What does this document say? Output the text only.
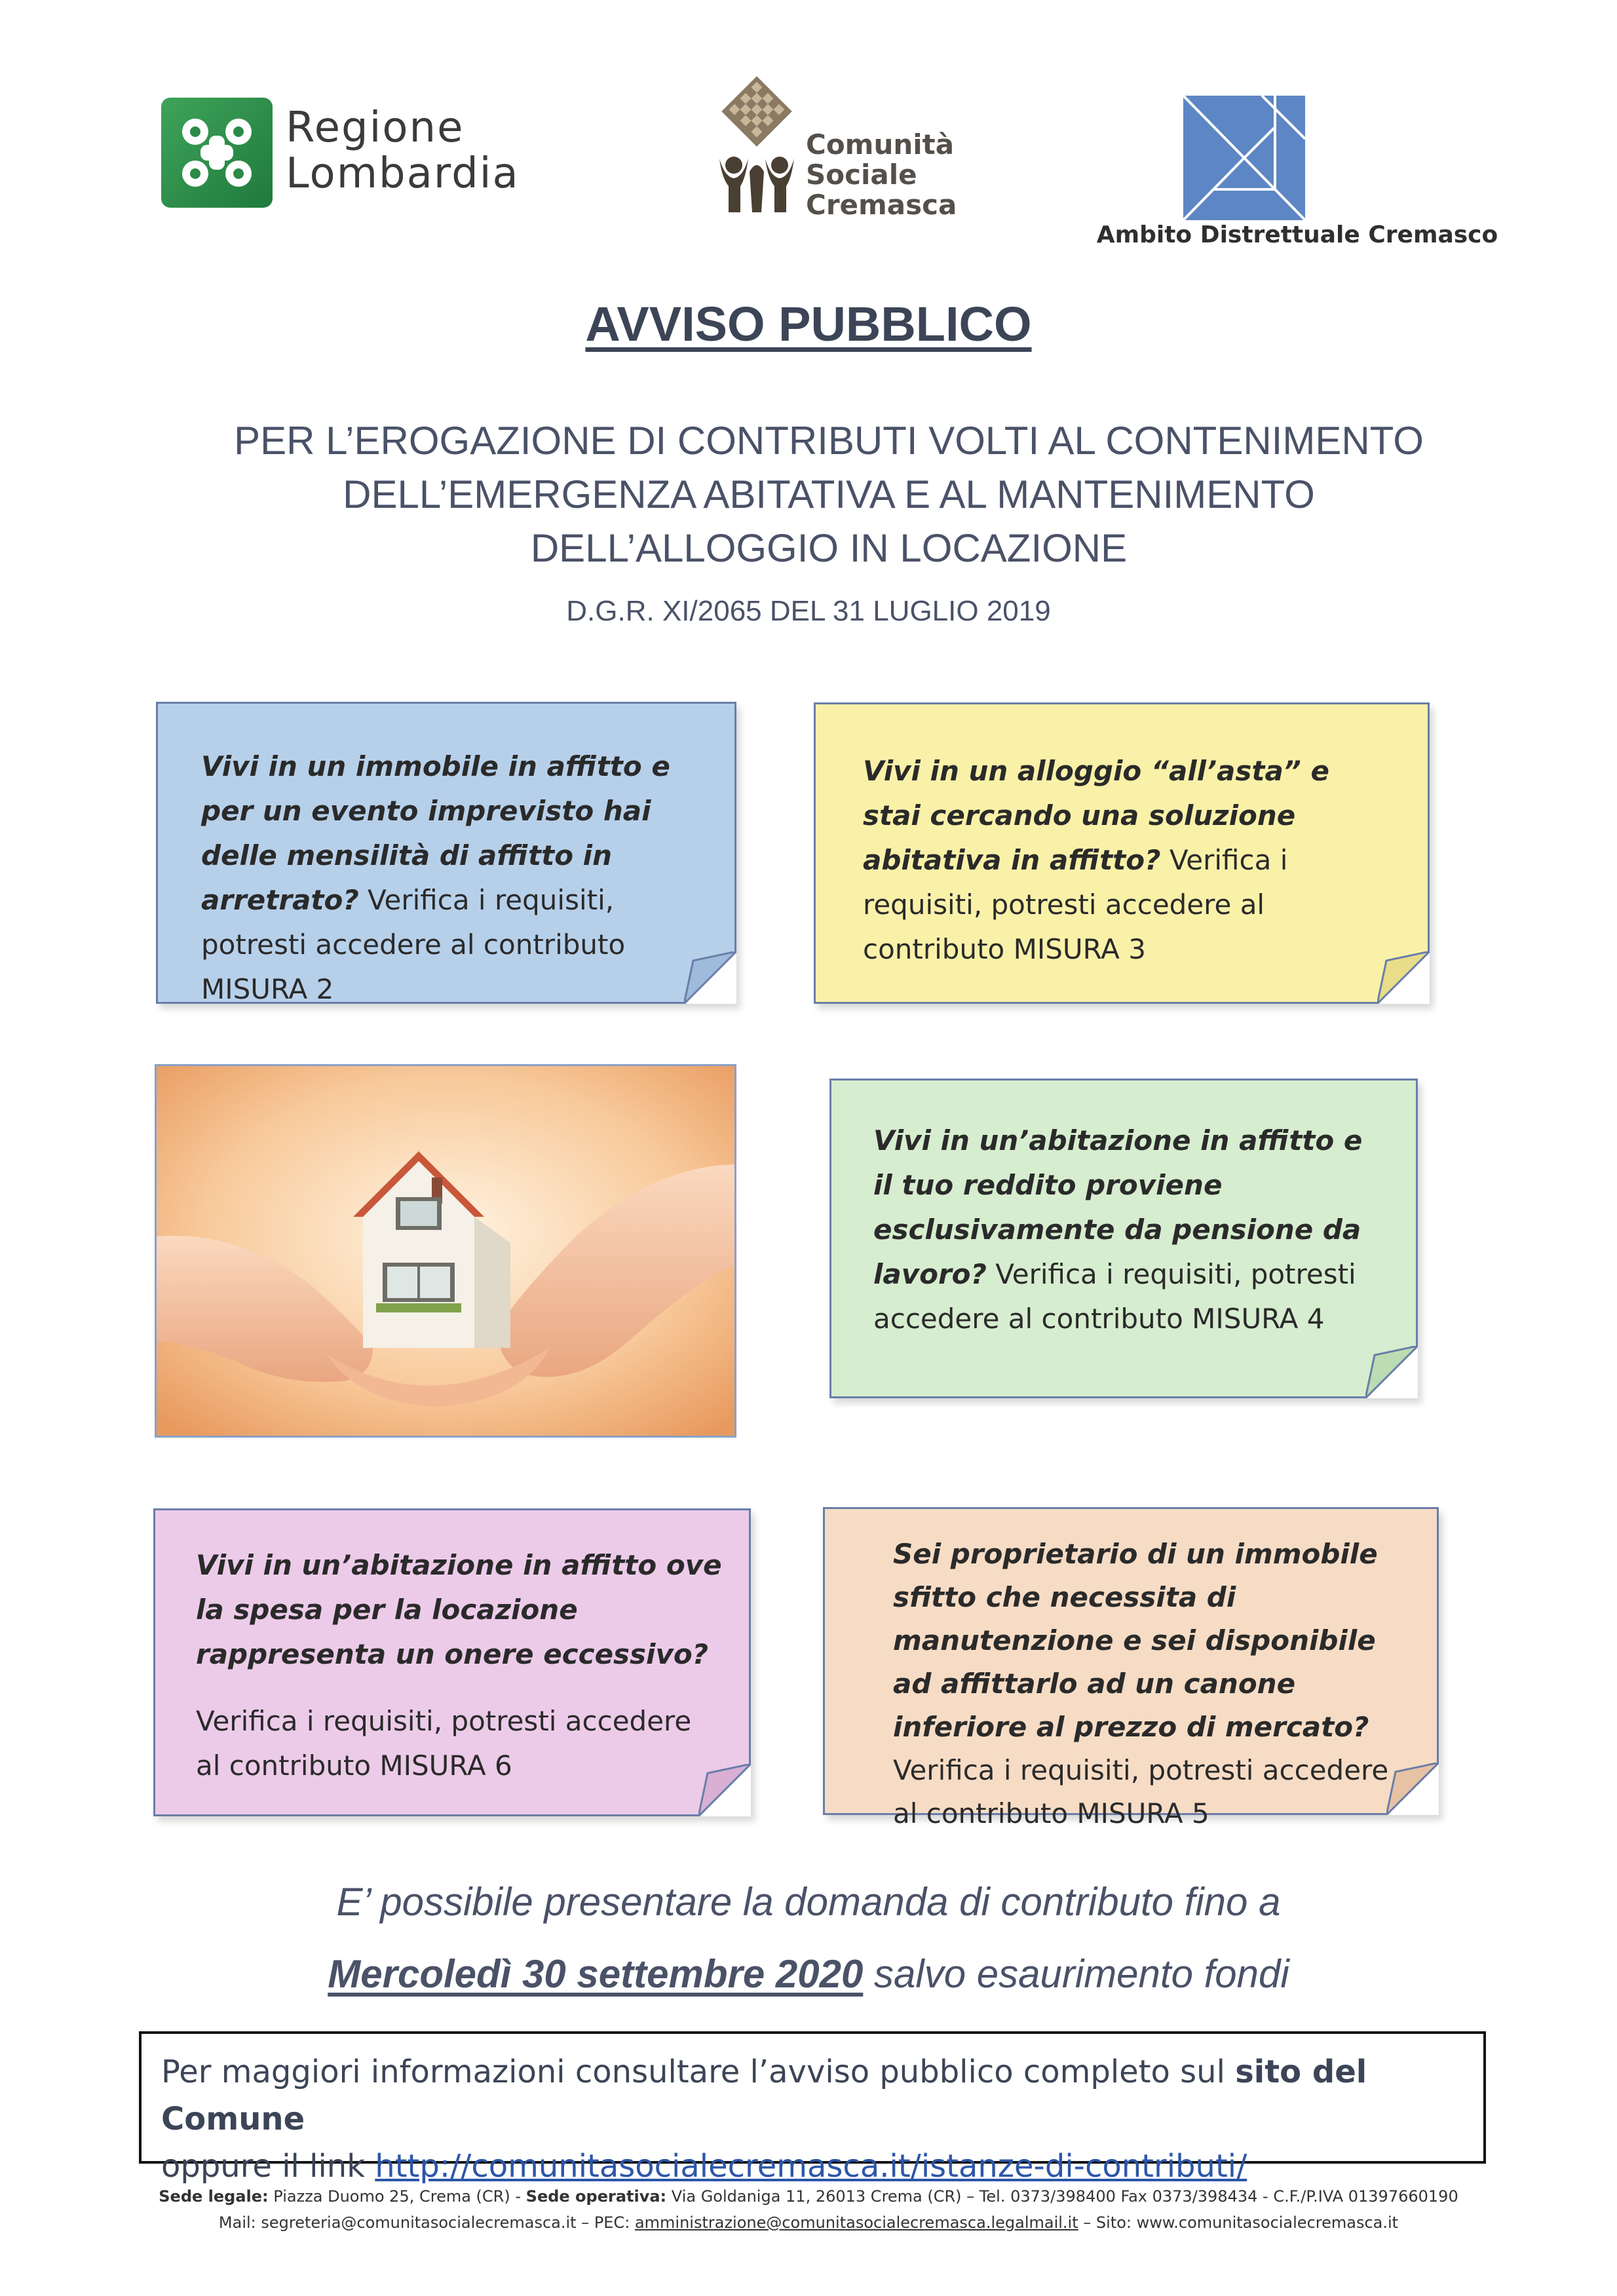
Regione
Lombardia
Comunità
Sociale
Cremasca
Ambito Distrettuale Cremasco
AVVISO PUBBLICO
PER L’EROGAZIONE DI CONTRIBUTI VOLTI AL CONTENIMENTO
DELL’EMERGENZA ABITATIVA E AL MANTENIMENTO
DELL’ALLOGGIO IN LOCAZIONE
D.G.R. XI/2065 DEL 31 LUGLIO 2019

Vivi in un immobile in affitto e per un evento imprevisto hai delle mensilità di affitto in arretrato? Verifica i requisiti, potresti accedere al contributo MISURA 2

Vivi in un alloggio “all’asta” e stai cercando una soluzione abitativa in affitto? Verifica i requisiti, potresti accedere al contributo MISURA 3

Vivi in un’abitazione in affitto e il tuo reddito proviene esclusivamente da pensione da lavoro? Verifica i requisiti, potresti accedere al contributo MISURA 4

Vivi in un’abitazione in affitto ove la spesa per la locazione rappresenta un onere eccessivo?

Verifica i requisiti, potresti accedere al contributo MISURA 6

Sei proprietario di un immobile sfitto che necessita di manutenzione e sei disponibile ad affittarlo ad un canone inferiore al prezzo di mercato? Verifica i requisiti, potresti accedere al contributo MISURA 5

E’ possibile presentare la domanda di contributo fino a
Mercoledì 30 settembre 2020 salvo esaurimento fondi
Per maggiori informazioni consultare l’avviso pubblico completo sul sito del Comune
oppure il link http://comunitasocialecremasca.it/istanze-di-contributi/
Sede legale: Piazza Duomo 25, Crema (CR) - Sede operativa: Via Goldaniga 11, 26013 Crema (CR) – Tel. 0373/398400 Fax 0373/398434 - C.F./P.IVA 01397660190
Mail: segreteria@comunitasocialecremasca.it – PEC: amministrazione@comunitasocialecremasca.legalmail.it – Sito: www.comunitasocialecremasca.it
